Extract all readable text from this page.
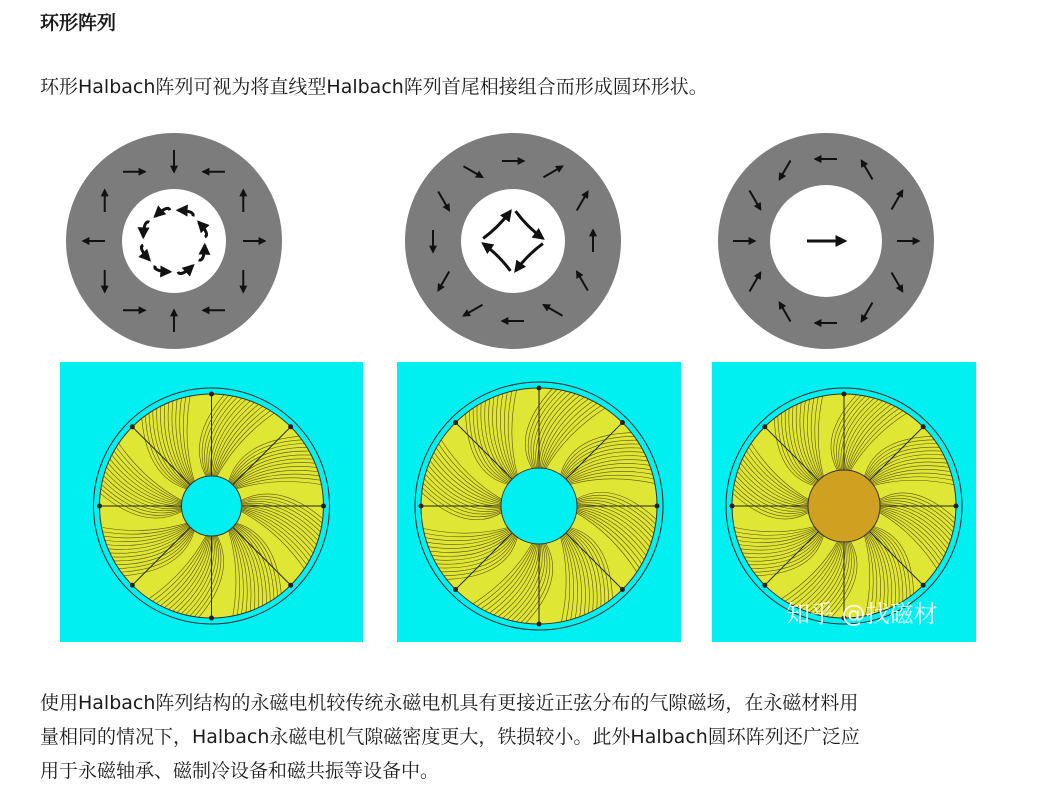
环形阵列

环形Halbach阵列可视为将直线型Halbach阵列首尾相接组合而形成圆环形状。

知乎 @找磁材
使用Halbach阵列结构的永磁电机较传统永磁电机具有更接近正弦分布的气隙磁场，在永磁材料用
量相同的情况下，Halbach永磁电机气隙磁密度更大，铁损较小。此外Halbach圆环阵列还广泛应
用于永磁轴承、磁制冷设备和磁共振等设备中。
